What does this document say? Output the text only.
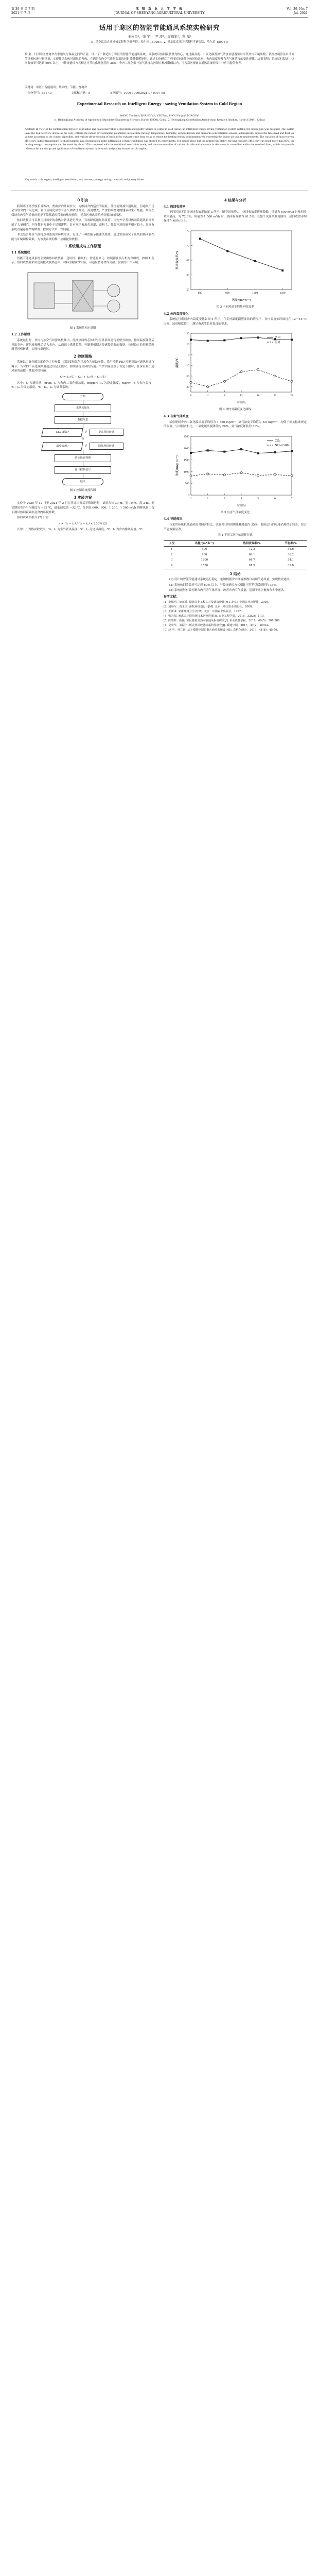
第 39 卷 第 7 期
2021 年 7 月
沈 阳 农 业 大 学 学 报
JOURNAL OF SHENYANG AGRICULTURAL UNIVERSITY
Vol. 39, No. 7
Jul. 2021
适用于寒区的智能节能通风系统实验研究
王云昊¹，张 宇¹，尹 涛¹，周福军²，苗 福²
(1. 黑龙江省农业机械工程科学研究院，哈尔滨 150081；2. 黑龙江省寒区建筑科学研究院，哈尔滨 150081)
摘 要：针对寒区畜禽舍冬季通风与保温之间的矛盾，设计了一种适用于寒区的智能节能通风系统。该系统以热回收装置为核心，通过温湿度、二氧化碳及氨气浓度传感器实时采集舍内环境参数，依据控制算法自动调节风机转速与新风量，实现排风余热对新风的预热，在满足舍内空气质量要求的同时降低供暖能耗。通过实验研究了不同风量条件下热回收效率、舍内温度场及有害气体浓度的变化规律。结果表明：系统运行稳定，热回收效率可达到 60% 以上，与传统通风方式相比可节约供暖能耗约 35%，舍内二氧化碳与氨气浓度均控制在标准限值以内，可为寒区畜禽舍通风系统的设计与应用提供参考。
关键词：寒区；智能通风；热回收；节能；畜禽舍
中图分类号：S817.3	文献标识码：A	文章编号：1000-1700(2021)07-0097-08
Experimental Research on Intelligent Energy - saving Ventilation System in Cold Region
WANG Yun-hao¹, ZHANG Yu¹, YIN Tao¹, ZHOU Fu-jun², MIAO Fu²
(1. Heilongjiang Academy of Agricultural Machinery Engineering Sciences, Harbin 150081, China; 2. Heilongjiang Cold Region Architectural Research Institute, Harbin 150081, China)
Abstract: In view of the contradiction between ventilation and heat preservation of livestock and poultry houses in winter in cold region, an intelligent energy-saving ventilation system suitable for cold region was designed. The system takes the heat recovery device as the core, collects the indoor environmental parameters in real time through temperature, humidity, carbon dioxide and ammonia concentration sensors, automatically adjusts the fan speed and fresh air volume according to the control algorithm, and realizes the preheating of fresh air by exhaust waste heat, so as to reduce the heating energy consumption while meeting the indoor air quality requirements. The variation of heat recovery efficiency, indoor temperature field and harmful gas concentration under different air volume conditions was studied by experiments. The results show that the system runs stably, the heat recovery efficiency can reach more than 60%, the heating energy consumption can be saved by about 35% compared with the traditional ventilation mode, and the concentration of carbon dioxide and ammonia in the house is controlled within the standard limit, which can provide reference for the design and application of ventilation system in livestock and poultry houses in cold region.
Key words: cold region; intelligent ventilation; heat recovery; energy saving; livestock and poultry house
0 引言

我国寒区冬季漫长且寒冷，畜禽舍内外温差大，为维持舍内适宜的温度，往往需要减少通风量，但通风不足会导致舍内二氧化碳、氨气及硫化氢等有害气体浓度升高，湿度增大，严重影响畜禽的健康和生产性能。如何在保证舍内空气质量的前提下降低通风带来的热量损失，是寒区畜禽养殖亟待解决的问题。

热回收技术可以利用排风中的余热对新风进行预热，有效降低通风热负荷。国内外学者对热回收通风系统开展了大量研究，但多数研究集中于民用建筑，针对寒区畜禽舍高湿、高粉尘、低温环境的研究相对较少，且现有系统普遍存在结霜堵塞、控制方式单一等问题。

本文结合寒区气候特点和畜禽舍环境需求，设计了一种智能节能通风系统，通过实验研究了系统的热回收性能与环境调控效果，为该类系统的推广应用提供依据。

1 系统组成与工作原理
1.1 系统组成

智能节能通风系统主要由热回收装置、送风机、排风机、传感器单元、控制器及执行机构等组成，如图 1 所示。热回收装置采用逆流板式换热芯体，材料为耐腐蚀铝箔，可适应畜禽舍内高湿、含氨的工作环境。

图 1 系统结构示意图
1.2 工作原理

系统运行时，舍内污浊空气经排风机抽出，流经热回收芯体时与室外新风进行间壁式换热，排风温度降低后排出室外；新风被预热后送入舍内，从而减少供暖负荷。控制器根据各传感器采集的数据，按照设定的控制策略调节风机转速，实现按需通风。

2 控制策略

系统以二氧化碳浓度作为主控参数，以温度和氨气浓度作为辅助参数，采用模糊 PID 控制算法对通风量进行调节。当舍内二氧化碳浓度超过设定上限时，控制器提高风机转速；当舍内温度低于设定下限时，在保证最小通风量的前提下降低风机转速。

Q = k₁·(C − C₀) + k₂·(t − t₀) (1)

式中：Q 为通风量，m³/h；C 为舍内二氧化碳浓度，mg/m³；C₀ 为设定浓度，mg/m³；t 为舍内温度，℃；t₀ 为设定温度，℃；k₁、k₂ 为调节系数。

开始
系统初始化
数据采集
CO₂ 超限?	是	提高风机转速
否
温度过低?	是	降低风机转速
防冻除霜判断
输出控制信号
结束
图 2 控制系统流程图
3 实验方案

实验于 2020 年 12 月至 2021 年 2 月在黑龙江省某养殖场进行，试验舍长 30 m、宽 10 m、高 3 m。测试期间室外平均温度为 −22 ℃，最低温度达 −32 ℃。分别在 600、900、1 200、1 500 m³/h 四种风量工况下测试热回收效率及舍内环境参数。

热回收效率按式 (2) 计算：

η = (t₂ − t₁) / (t₃ − t₁) × 100% (2)

式中：η 为热回收效率，%；t₁ 为室外新风温度，℃；t₂ 为送风温度，℃；t₃ 为舍内排风温度，℃。

4 结果与分析
4.1 热回收效率

不同风量下系统热回收效率如图 3 所示。随着风量增大，热回收效率逐渐降低，风量为 600 m³/h 时热回收效率最高，为 72.3%；风量为 1 500 m³/h 时，热回收效率为 61.5%。在整个试验风量范围内，热回收效率均保持在 60% 以上。

600	900	1200	1500
55
60
65
70
75
风量/(m³·h⁻¹)
热回收效率/%
图 3 不同风量下的热回收效率
4.2 舍内温度变化

系统运行期间舍内温度变化如图 4 所示。在室外温度剧烈波动的情况下，舍内温度始终维持在 12～16 ℃ 之间，波动幅度较小，满足畜禽生长对温度的要求。

0	4	8	12	16	20	24
-30
-20
-10
0
10
20
时间/h
温度/℃
舍内
室外
图 4 舍内外温度变化曲线
4.3 有害气体浓度

试验期间舍内二氧化碳浓度平均值为 1 850 mg/m³，氨气浓度平均值为 8.6 mg/m³，均低于相关标准规定的限值。与对照舍相比，二氧化碳浓度降低约 28%，氨气浓度降低约 31%。

1	2	3	4	5	6	7
0
500
1000
1500
2000
2500
时间/d
浓度/(mg·m⁻³)
CO₂
NH₃×100
图 5 有害气体浓度变化
4.4 节能效果

与采用传统机械通风的对照舍相比，试验舍日均供暖能耗降低约 35%，系统运行的电能消耗增加较少，综合节能效果显著。

表 1 不同工况下的能耗对比
工况	风量/(m³·h⁻¹)	热回收效率/%	节能率/%
1	600	72.3	38.6
2	900	68.1	36.2
3	1200	64.7	34.1
4	1500	61.5	31.8
5 结论

(1) 设计的智能节能通风系统运行稳定，能够根据舍内环境参数自动调节通风量，实现按需通风。

(2) 系统热回收效率可达到 60% 以上，与传统通风方式相比可节约供暖能耗约 35%。

(3) 系统能够有效控制舍内有害气体浓度，改善舍内空气质量，适用于寒区畜禽舍冬季通风。

参考文献：

[1] 李保明，施正香. 设施农业工程工艺及建筑设计[M]. 北京：中国农业出版社，2005.

[2] 刘继军，贾永全. 畜牧场规划设计[M]. 北京：中国农业出版社，2008.

[3] 王新谋. 家畜环境卫生学[M]. 北京：中国农业出版社，1997.

[4] 张宏福. 畜禽舍环境控制技术研究进展[J]. 农业工程学报，2016，32(3)：1-10.

[5] 陈昭辉，靳薇. 寒区畜禽舍热回收通风系统研究[J]. 农业机械学报，2018，49(5)：301-308.

[6] 吴中华，刘振宇. 板式热回收器结霜特性研究[J]. 暖通空调，2017，47(2)：88-92.

[7] 赵 明，孙立新. 基于模糊控制的畜舍通风系统设计[J]. 农机化研究，2019，41(8)：45-50.
